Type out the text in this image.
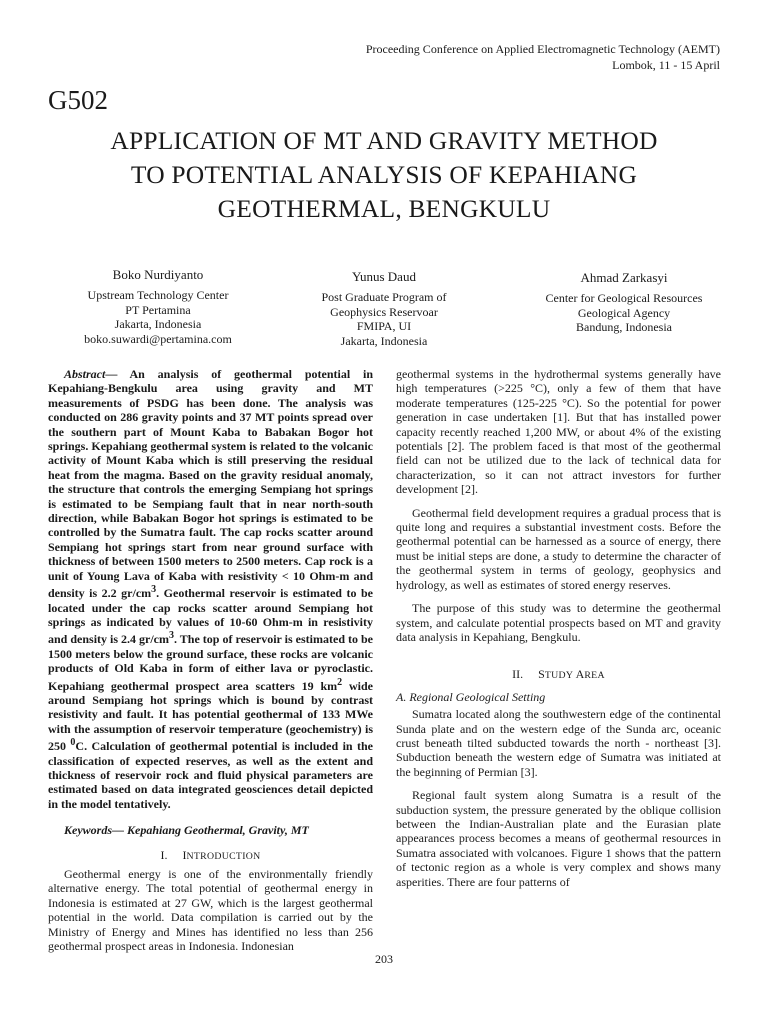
Proceeding Conference on Applied Electromagnetic Technology (AEMT)
Lombok, 11 - 15 April
G502
APPLICATION OF MT AND GRAVITY METHOD
TO POTENTIAL ANALYSIS OF KEPAHIANG
GEOTHERMAL, BENGKULU
Boko Nurdiyanto
Upstream Technology Center
PT Pertamina
Jakarta, Indonesia
boko.suwardi@pertamina.com
Yunus Daud
Post Graduate Program of
Geophysics Reservoar
FMIPA, UI
Jakarta, Indonesia
Ahmad Zarkasyi
Center for Geological Resources
Geological Agency
Bandung, Indonesia

Abstract— An analysis of geothermal potential in Kepahiang-Bengkulu area using gravity and MT measurements of PSDG has been done. The analysis was conducted on 286 gravity points and 37 MT points spread over the southern part of Mount Kaba to Babakan Bogor hot springs. Kepahiang geothermal system is related to the volcanic activity of Mount Kaba which is still preserving the residual heat from the magma. Based on the gravity residual anomaly, the structure that controls the emerging Sempiang hot springs is estimated to be Sempiang fault that in near north-south direction, while Babakan Bogor hot springs is estimated to be controlled by the Sumatra fault. The cap rocks scatter around Sempiang hot springs start from near ground surface with thickness of between 1500 meters to 2500 meters. Cap rock is a unit of Young Lava of Kaba with resistivity < 10 Ohm-m and density is 2.2 $gr/cm^3$. Geothermal reservoir is estimated to be located under the cap rocks scatter around Sempiang hot springs as indicated by values of 10-60 Ohm-m in resistivity and density is 2.4 $gr/cm^3$. The top of reservoir is estimated to be 1500 meters below the ground surface, these rocks are volcanic products of Old Kaba in form of either lava or pyroclastic. Kepahiang geothermal prospect area scatters 19 $km^2$ wide around Sempiang hot springs which is bound by contrast resistivity and fault. It has potential geothermal of 133 MWe with the assumption of reservoir temperature (geochemistry) is 250 $^0$C. Calculation of geothermal potential is included in the classification of expected reserves, as well as the extent and thickness of reservoir rock and fluid physical parameters are estimated based on data integrated geosciences detail depicted in the model tentatively.

Keywords— Kepahiang Geothermal, Gravity, MT

I. INTRODUCTION

Geothermal energy is one of the environmentally friendly alternative energy. The total potential of geothermal energy in Indonesia is estimated at 27 GW, which is the largest geothermal potential in the world. Data compilation is carried out by the Ministry of Energy and Mines has identified no less than 256 geothermal prospect areas in Indonesia. Indonesian

geothermal systems in the hydrothermal systems generally have high temperatures (>225 °C), only a few of them that have moderate temperatures (125-225 °C). So the potential for power generation in case undertaken [1]. But that has installed power capacity recently reached 1,200 MW, or about 4% of the existing potentials [2]. The problem faced is that most of the geothermal field can not be utilized due to the lack of technical data for characterization, so it can not attract investors for further development [2].

Geothermal field development requires a gradual process that is quite long and requires a substantial investment costs. Before the geothermal potential can be harnessed as a source of energy, there must be initial steps are done, a study to determine the character of the geothermal system in terms of geology, geophysics and hydrology, as well as estimates of stored energy reserves.

The purpose of this study was to determine the geothermal system, and calculate potential prospects based on MT and gravity data analysis in Kepahiang, Bengkulu.

II. STUDY AREA

A. Regional Geological Setting

Sumatra located along the southwestern edge of the continental Sunda plate and on the western edge of the Sunda arc, oceanic crust beneath tilted subducted towards the north - northeast [3]. Subduction beneath the western edge of Sumatra was initiated at the beginning of Permian [3].

Regional fault system along Sumatra is a result of the subduction system, the pressure generated by the oblique collision between the Indian-Australian plate and the Eurasian plate appearances process becomes a means of geothermal resources in Sumatra associated with volcanoes. Figure 1 shows that the pattern of tectonic region as a whole is very complex and shows many asperities. There are four patterns of

203
